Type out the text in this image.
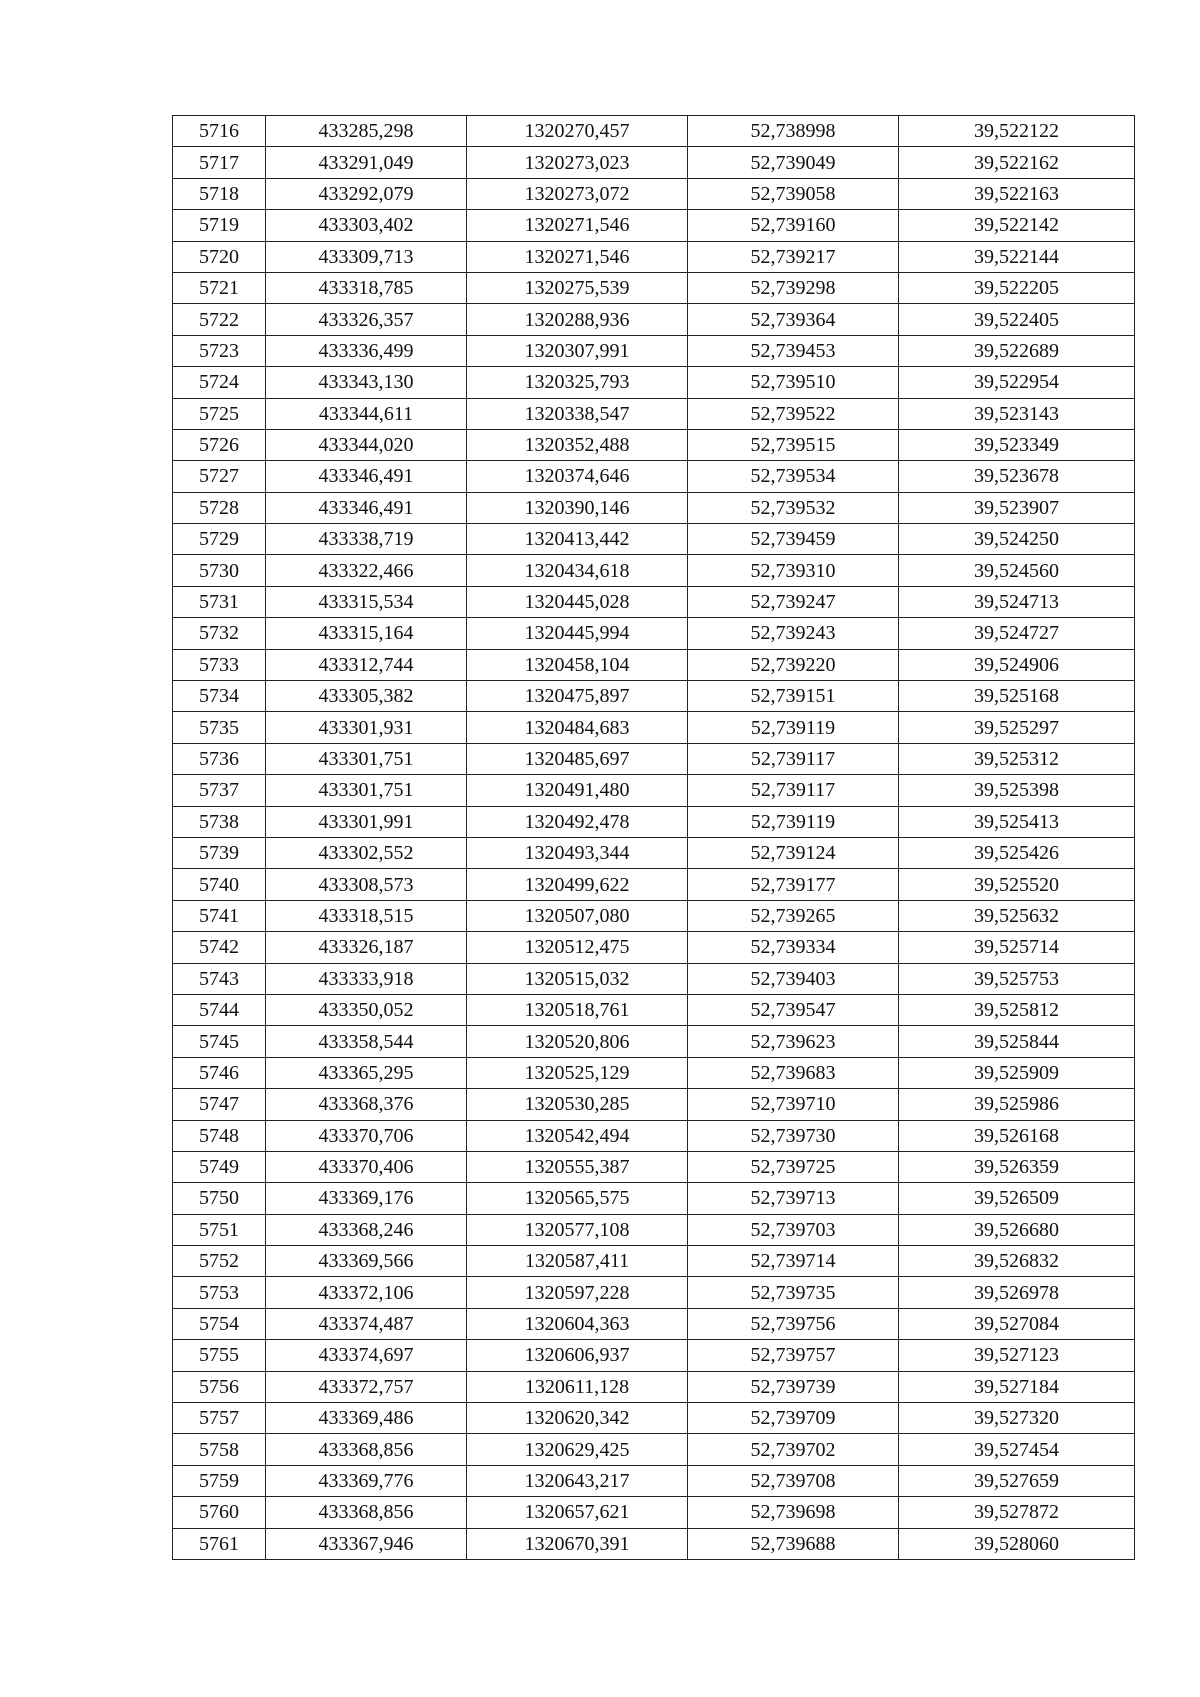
5716	433285,298	1320270,457	52,738998	39,522122
5717	433291,049	1320273,023	52,739049	39,522162
5718	433292,079	1320273,072	52,739058	39,522163
5719	433303,402	1320271,546	52,739160	39,522142
5720	433309,713	1320271,546	52,739217	39,522144
5721	433318,785	1320275,539	52,739298	39,522205
5722	433326,357	1320288,936	52,739364	39,522405
5723	433336,499	1320307,991	52,739453	39,522689
5724	433343,130	1320325,793	52,739510	39,522954
5725	433344,611	1320338,547	52,739522	39,523143
5726	433344,020	1320352,488	52,739515	39,523349
5727	433346,491	1320374,646	52,739534	39,523678
5728	433346,491	1320390,146	52,739532	39,523907
5729	433338,719	1320413,442	52,739459	39,524250
5730	433322,466	1320434,618	52,739310	39,524560
5731	433315,534	1320445,028	52,739247	39,524713
5732	433315,164	1320445,994	52,739243	39,524727
5733	433312,744	1320458,104	52,739220	39,524906
5734	433305,382	1320475,897	52,739151	39,525168
5735	433301,931	1320484,683	52,739119	39,525297
5736	433301,751	1320485,697	52,739117	39,525312
5737	433301,751	1320491,480	52,739117	39,525398
5738	433301,991	1320492,478	52,739119	39,525413
5739	433302,552	1320493,344	52,739124	39,525426
5740	433308,573	1320499,622	52,739177	39,525520
5741	433318,515	1320507,080	52,739265	39,525632
5742	433326,187	1320512,475	52,739334	39,525714
5743	433333,918	1320515,032	52,739403	39,525753
5744	433350,052	1320518,761	52,739547	39,525812
5745	433358,544	1320520,806	52,739623	39,525844
5746	433365,295	1320525,129	52,739683	39,525909
5747	433368,376	1320530,285	52,739710	39,525986
5748	433370,706	1320542,494	52,739730	39,526168
5749	433370,406	1320555,387	52,739725	39,526359
5750	433369,176	1320565,575	52,739713	39,526509
5751	433368,246	1320577,108	52,739703	39,526680
5752	433369,566	1320587,411	52,739714	39,526832
5753	433372,106	1320597,228	52,739735	39,526978
5754	433374,487	1320604,363	52,739756	39,527084
5755	433374,697	1320606,937	52,739757	39,527123
5756	433372,757	1320611,128	52,739739	39,527184
5757	433369,486	1320620,342	52,739709	39,527320
5758	433368,856	1320629,425	52,739702	39,527454
5759	433369,776	1320643,217	52,739708	39,527659
5760	433368,856	1320657,621	52,739698	39,527872
5761	433367,946	1320670,391	52,739688	39,528060
